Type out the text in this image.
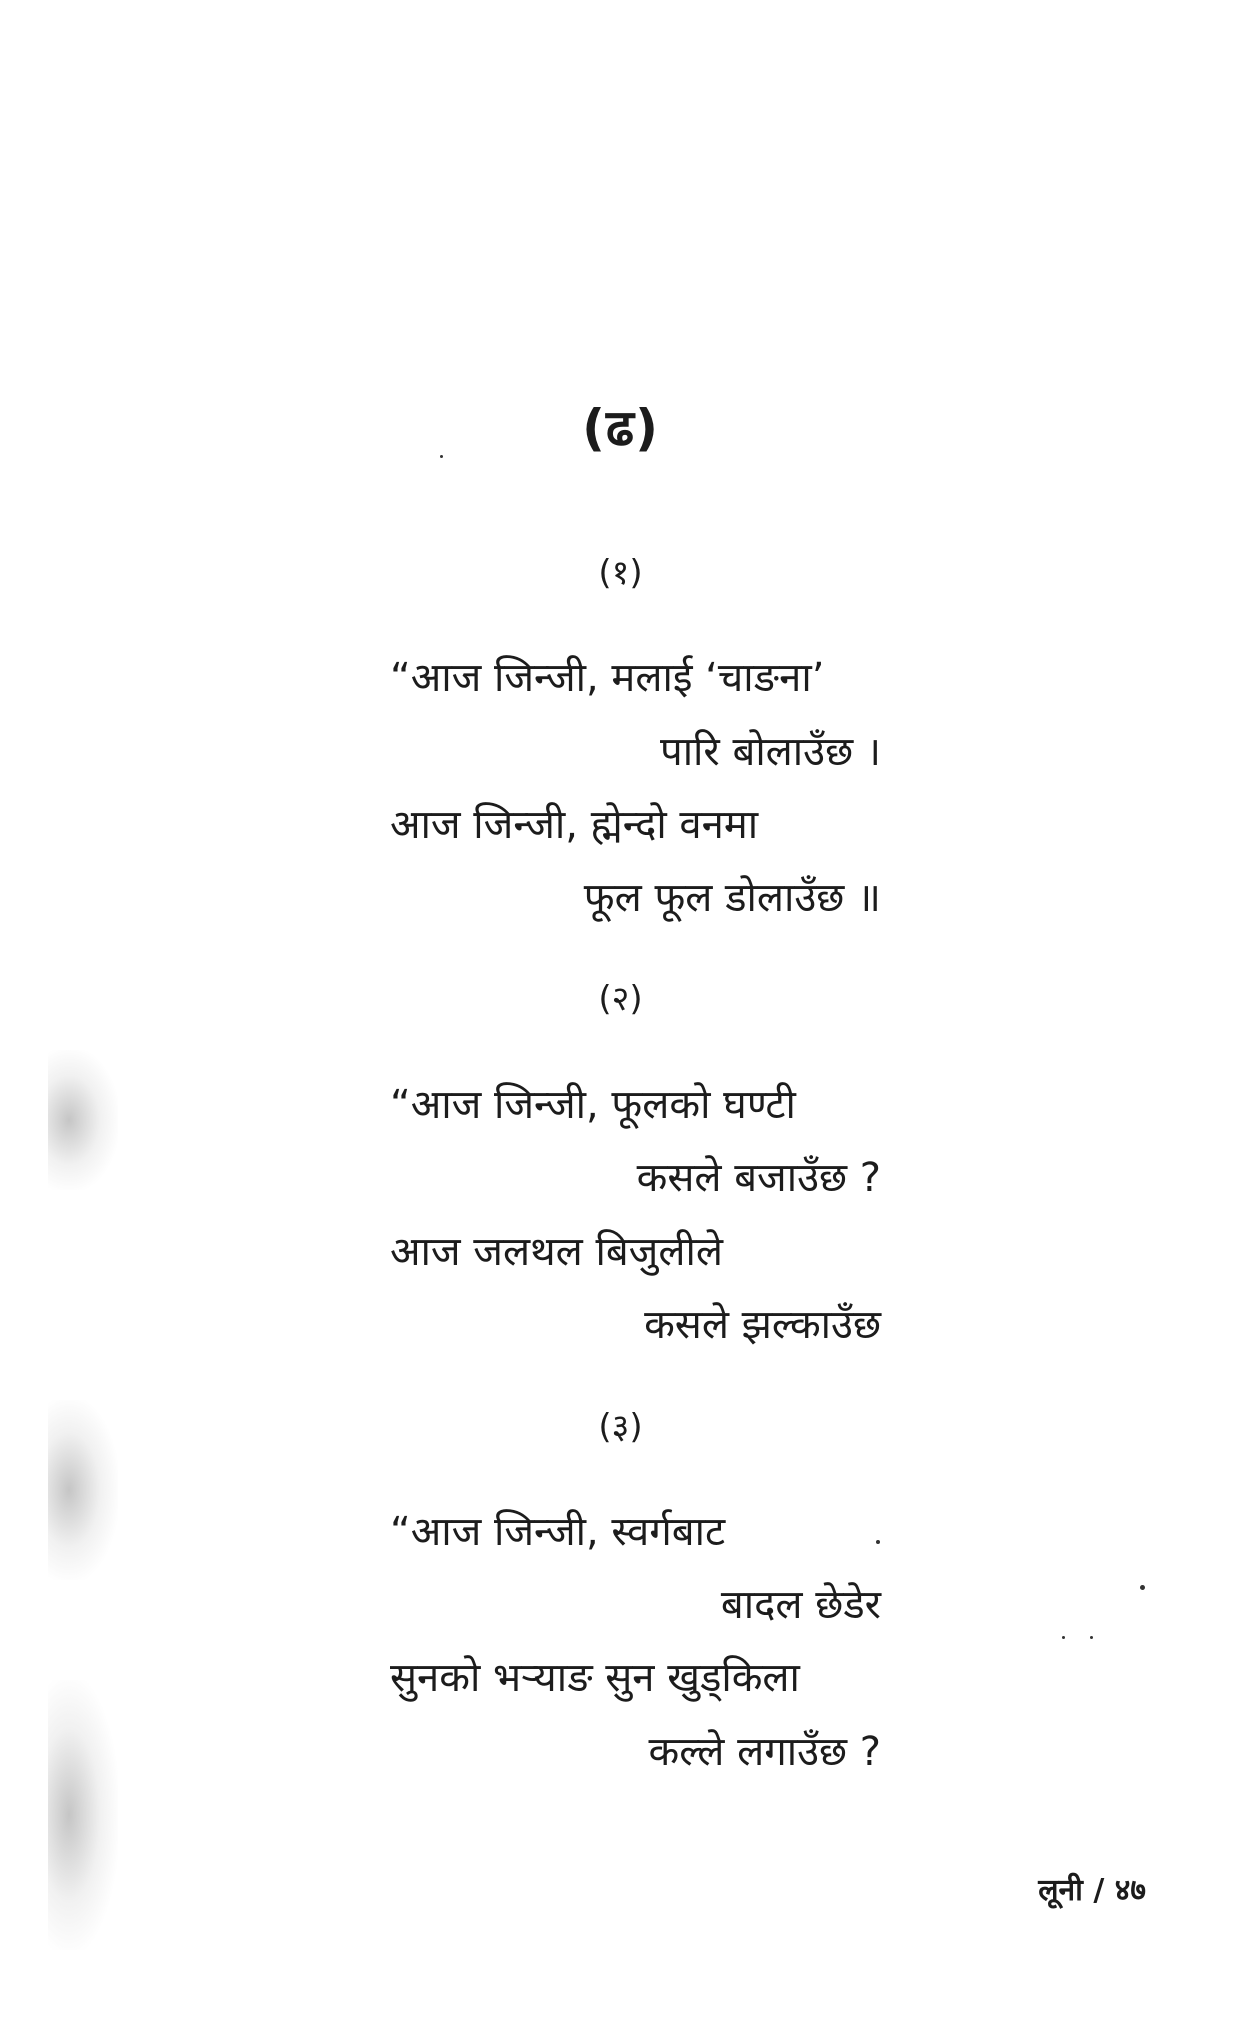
(ढ)
(१)
“आज जिन्जी, मलाई ‘चाङना’
पारि बोलाउँछ ।
आज जिन्जी, ह्मेन्दो वनमा
फूल फूल डोलाउँछ ॥
(२)
“आज जिन्जी, फूलको घण्टी
कसले बजाउँछ ?
आज जलथल बिजुलीले
कसले झल्काउँछ
(३)
“आज जिन्जी, स्वर्गबाट
बादल छेडेर
सुनको भऱ्याङ सुन खुड्किला
कल्ले लगाउँछ ?
लूनी / ४७
